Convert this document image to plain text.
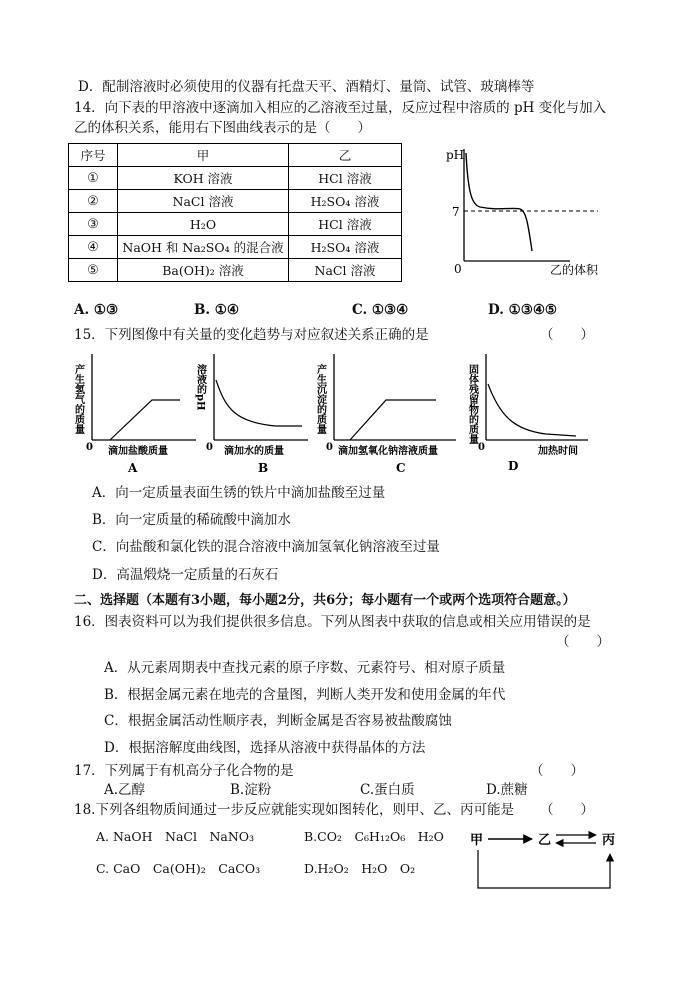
D．配制溶液时必须使用的仪器有托盘天平、酒精灯、量筒、试管、玻璃棒等
14．向下表的甲溶液中逐滴加入相应的乙溶液至过量，反应过程中溶质的 pH 变化与加入
乙的体积关系，能用右下图曲线表示的是（　　）
序号	甲	乙
①	KOH 溶液	HCl 溶液
②	NaCl 溶液	H₂SO₄ 溶液
③	H₂O	HCl 溶液
④	NaOH 和 Na₂SO₄ 的混合液	H₂SO₄ 溶液
⑤	Ba(OH)₂ 溶液	NaCl 溶液
pH
7
0	乙的体积
A. ①③	B. ①④	C. ①③④	D. ①③④⑤
15．下列图像中有关量的变化趋势与对应叙述关系正确的是	（　　）
产生氢气的质量
0 滴加盐酸质量
A
溶液的pH
0 滴加水的质量
B
产生沉淀的质量
0 滴加氢氧化钠溶液质量
C
固体残留物的质量
0	加热时间
D
A．向一定质量表面生锈的铁片中滴加盐酸至过量
B．向一定质量的稀硫酸中滴加水
C．向盐酸和氯化铁的混合溶液中滴加氢氧化钠溶液至过量
D．高温煅烧一定质量的石灰石
二、选择题（本题有3小题，每小题2分，共6分；每小题有一个或两个选项符合题意。）
16．图表资料可以为我们提供很多信息。下列从图表中获取的信息或相关应用错误的是
（　　）
A．从元素周期表中查找元素的原子序数、元素符号、相对原子质量
B．根据金属元素在地壳的含量图，判断人类开发和使用金属的年代
C．根据金属活动性顺序表，判断金属是否容易被盐酸腐蚀
D．根据溶解度曲线图，选择从溶液中获得晶体的方法
17．下列属于有机高分子化合物的是	（　　）
A.乙醇	B.淀粉	C.蛋白质	D.蔗糖
18.下列各组物质间通过一步反应就能实现如图转化，则甲、乙、丙可能是 （　　）
A. NaOH　NaCl　NaNO₃	B.CO₂　C₆H₁₂O₆　H₂O
C. CaO　Ca(OH)₂　CaCO₃	D.H₂O₂　H₂O　O₂
甲	乙	丙
